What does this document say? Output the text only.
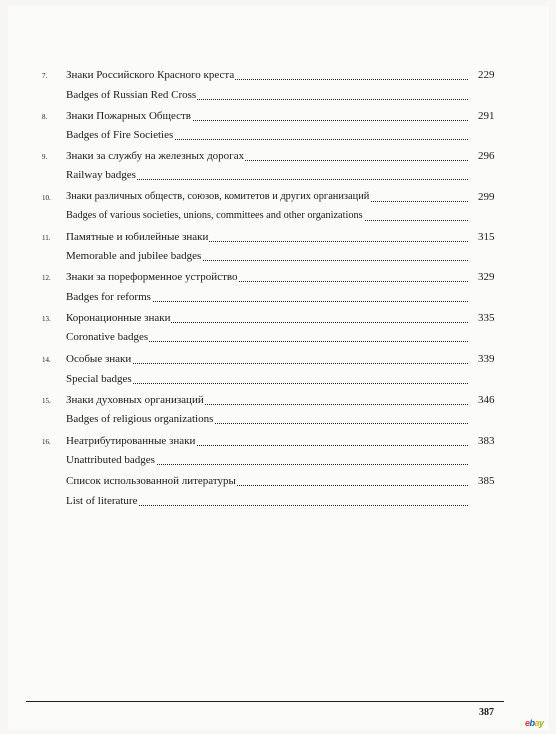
7.	Знаки Российского Красного креста	229
Badges of Russian Red Cross
8.	Знаки Пожарных Обществ	291
Badges of Fire Societies
9.	Знаки за службу на железных дорогах	296
Railway badges
10.	Знаки различных обществ, союзов, комитетов и других организаций	299
Badges of various societies, unions, committees and other organizations
11.	Памятные и юбилейные знаки	315
Memorable and jubilee badges
12.	Знаки за пореформенное устройство	329
Badges for reforms
13.	Коронационные знаки	335
Coronative badges
14.	Особые знаки	339
Special badges
15.	Знаки духовных организаций	346
Badges of religious organizations
16.	Неатрибутированные знаки	383
Unattributed badges
Список использованной литературы	385
List of literature
387
ebay
